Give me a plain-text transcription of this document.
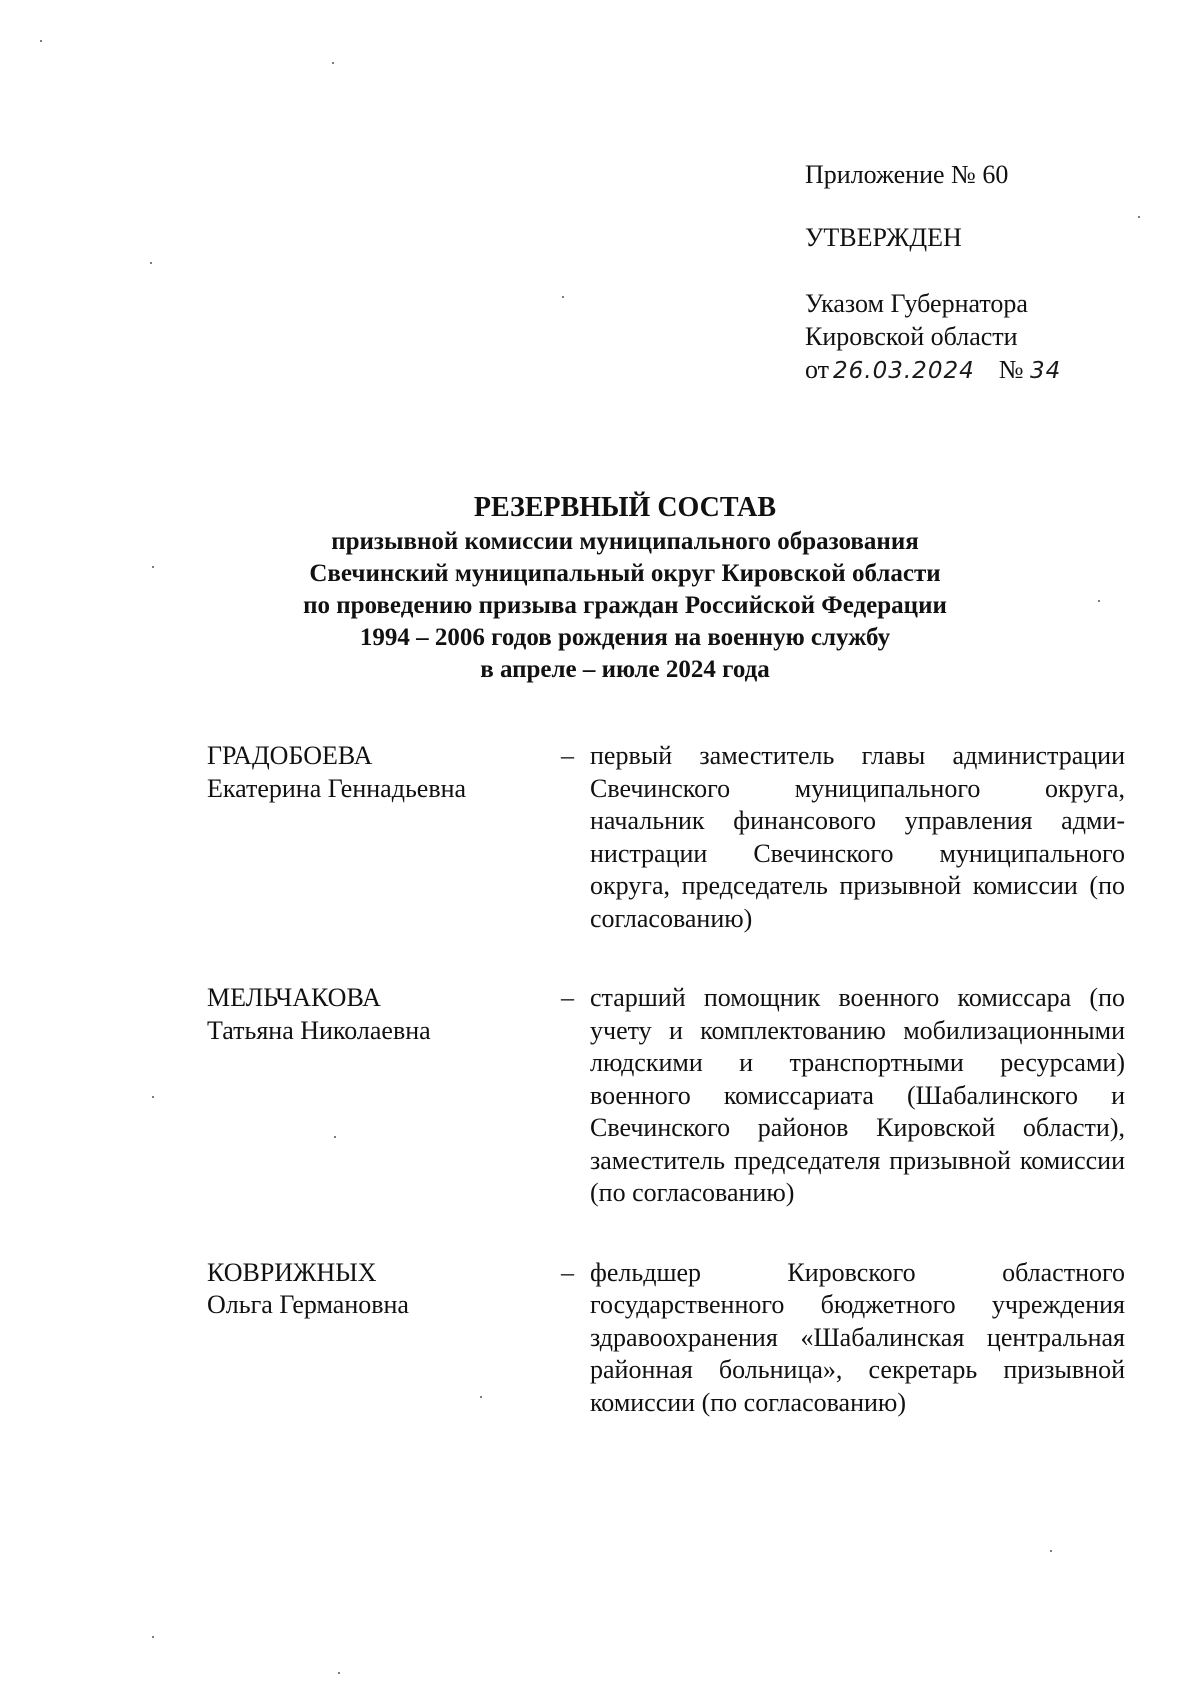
Приложение № 60
УТВЕРЖДЕН
Указом Губернатора
Кировской области
от 26.03.2024 № 34
РЕЗЕРВНЫЙ СОСТАВ
призывной комиссии муниципального образования
Свечинский муниципальный округ Кировской области
по проведению призыва граждан Российской Федерации
1994 – 2006 годов рождения на военную службу
в апреле – июле 2024 года
ГРАДОБОЕВА
Екатерина Геннадьевна
– первый заместитель главы администрации Свечинского муниципального округа, начальник финансового управления администрации Свечинского муниципального округа, председатель призывной комиссии (по согласованию)
МЕЛЬЧАКОВА
Татьяна Николаевна
– старший помощник военного комиссара (по учету и комплектованию мобилизационными людскими и транспортными ресурсами) военного комиссариата (Шабалинского и Свечинского районов Кировской области), заместитель председателя призывной комиссии (по согласованию)
КОВРИЖНЫХ
Ольга Германовна
– фельдшер Кировского областного государственного бюджетного учреждения здравоохранения «Шабалинская центральная районная больница», секретарь призывной комиссии (по согласованию)
